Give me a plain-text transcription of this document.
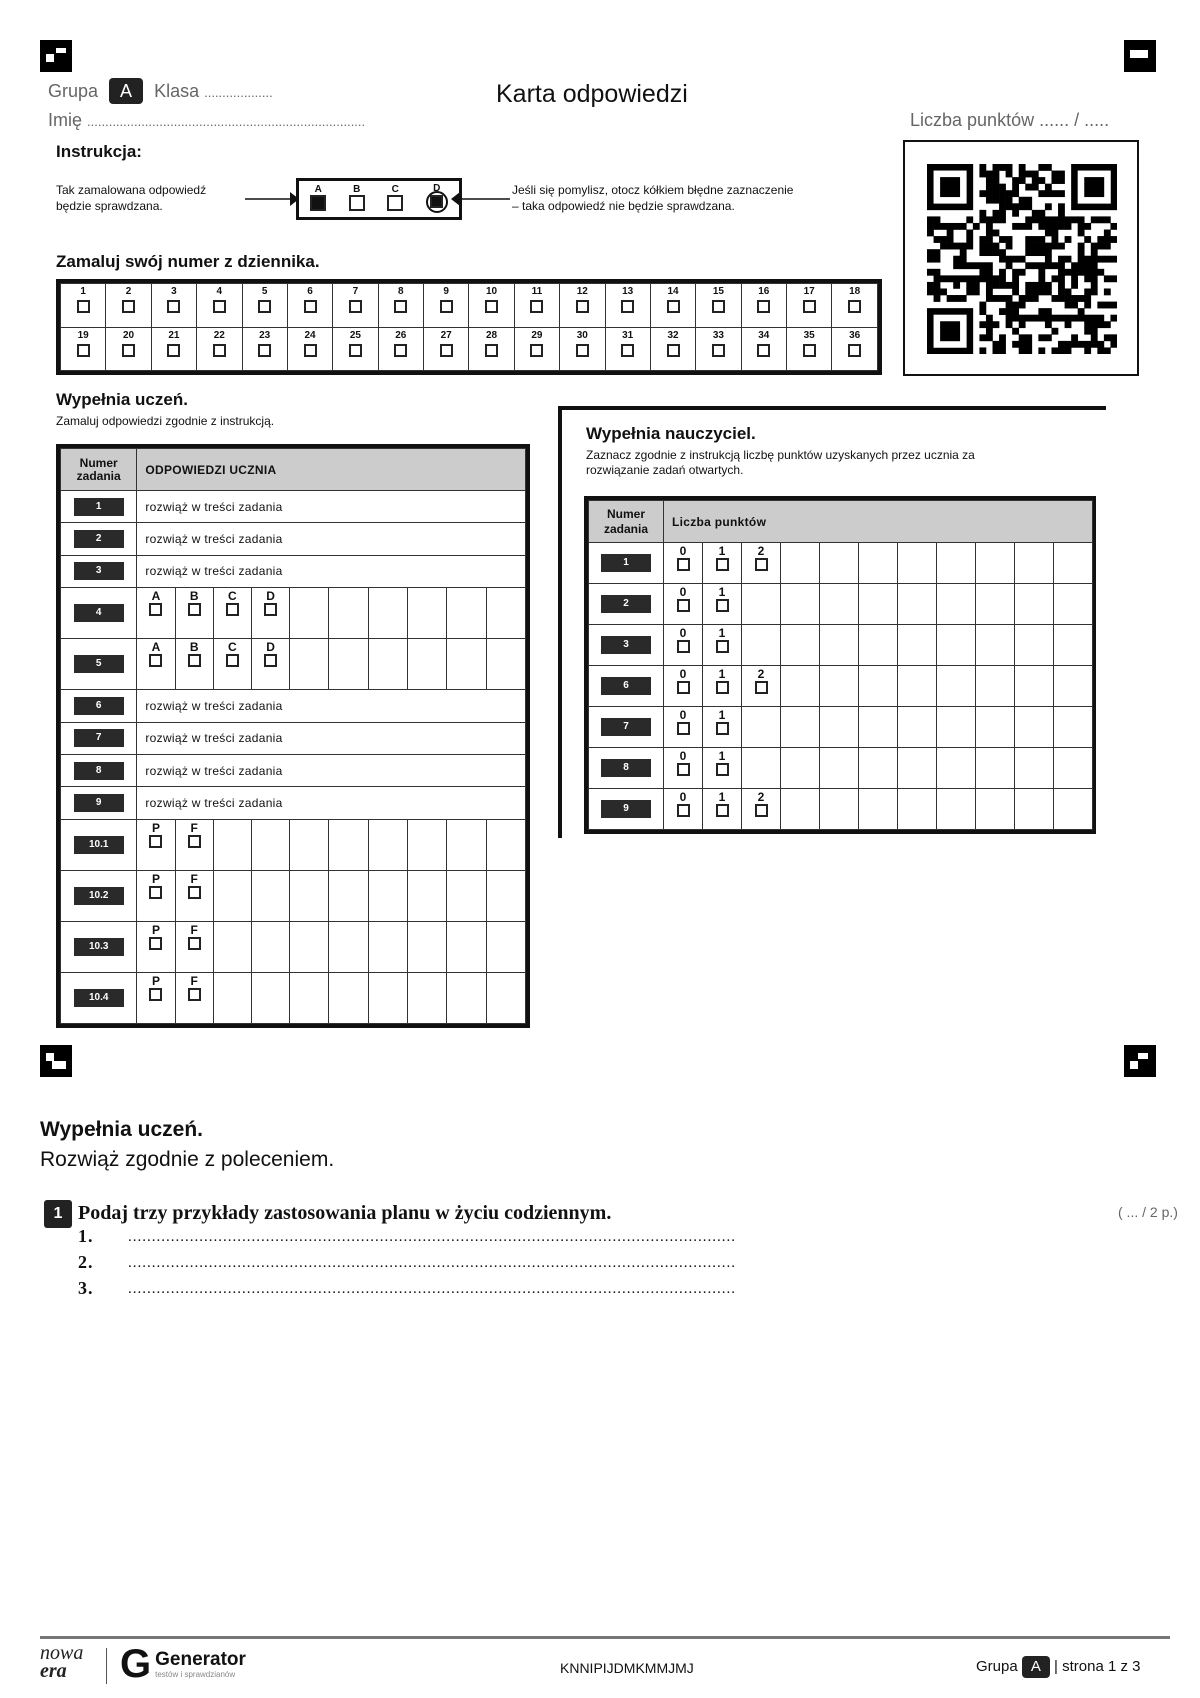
Grupa A Klasa ...................
Imię .............................................................................
Karta odpowiedzi
Liczba punktów ...... / .....
Instrukcja:
Tak zamalowana odpowiedź
będzie sprawdzana.
A	B	C	D	Jeśli się pomylisz, otocz kółkiem błędne zaznaczenie
– taka odpowiedź nie będzie sprawdzana.
Zamaluj swój numer z dziennika.
1	2	3	4	5	6	7	8	9	10	11	12	13	14	15	16	17	18

19	20	21	22	23	24	25	26	27	28	29	30	31	32	33	34	35	36
Wypełnia uczeń.
Zamaluj odpowiedzi zgodnie z instrukcją.
Numer
zadania	ODPOWIEDZI UCZNIA									
1	rozwiąż w treści zadania									
2	rozwiąż w treści zadania									
3	rozwiąż w treści zadania									
4	A	B	C	D						

5	A	B	C	D						

6	rozwiąż w treści zadania									
7	rozwiąż w treści zadania									
8	rozwiąż w treści zadania									
9	rozwiąż w treści zadania									
10.1	P	F								

10.2	P	F								

10.3	P	F								

10.4	P	F								

Wypełnia nauczyciel.
Zaznacz zgodnie z instrukcją liczbę punktów uzyskanych przez ucznia za
rozwiązanie zadań otwartych.
Numer
zadania	Liczba punktów										
1	0	1	2								

2	0	1									

3	0	1									

6	0	1	2								

7	0	1									

8	0	1									

9	0	1	2								

Wypełnia uczeń.
Rozwiąż zgodnie z poleceniem.
1 Podaj trzy przykłady zastosowania planu w życiu codziennym.	( ... / 2 p.)
1. ................................................................................................................................
2. ................................................................................................................................
3. ................................................................................................................................
nowa
era	G Generator
testów i sprawdzianów	KNNIPIJDMKMMJMJ	Grupa A | strona 1 z 3
